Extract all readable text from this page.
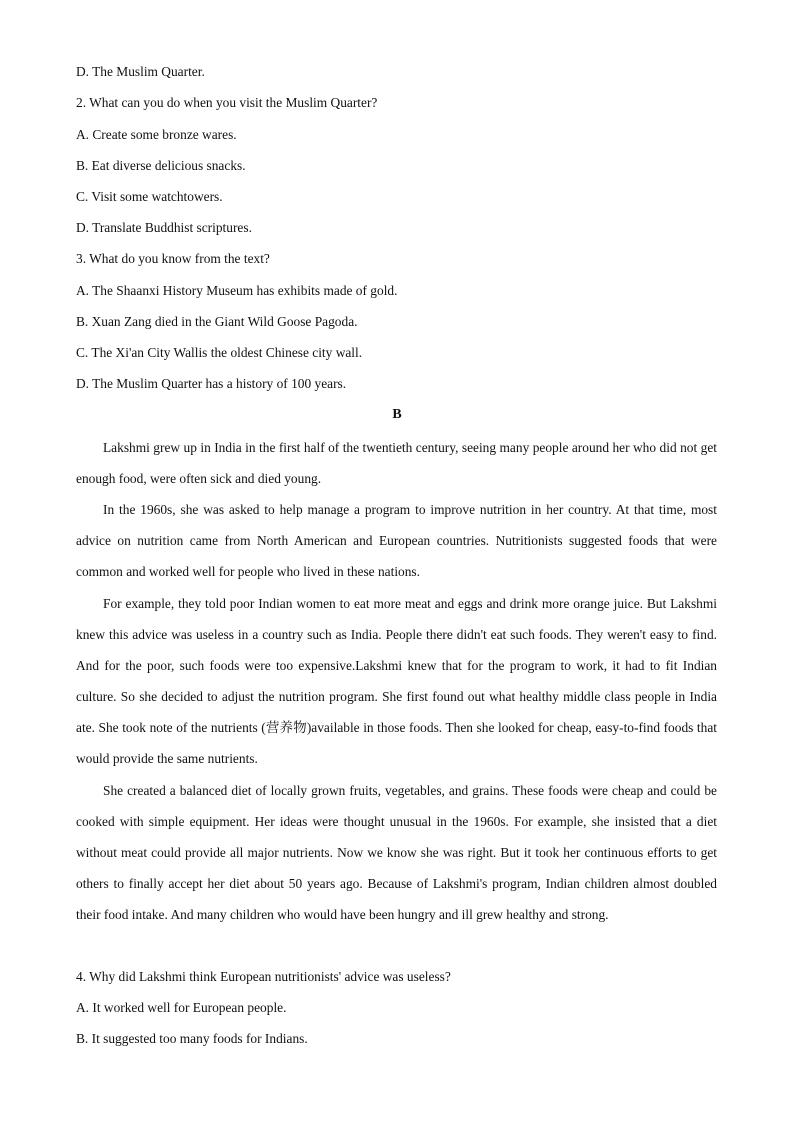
D. The Muslim Quarter.
2. What can you do when you visit the Muslim Quarter?
A. Create some bronze wares.
B. Eat diverse delicious snacks.
C. Visit some watchtowers.
D. Translate Buddhist scriptures.
3. What do you know from the text?
A. The Shaanxi History Museum has exhibits made of gold.
B. Xuan Zang died in the Giant Wild Goose Pagoda.
C. The Xi'an City Wallis the oldest Chinese city wall.
D. The Muslim Quarter has a history of 100 years.
B
Lakshmi grew up in India in the first half of the twentieth century, seeing many people around her who did not get enough food, were often sick and died young.
In the 1960s, she was asked to help manage a program to improve nutrition in her country. At that time, most advice on nutrition came from North American and European countries. Nutritionists suggested foods that were common and worked well for people who lived in these nations.
For example, they told poor Indian women to eat more meat and eggs and drink more orange juice. But Lakshmi knew this advice was useless in a country such as India. People there didn't eat such foods. They weren't easy to find. And for the poor, such foods were too expensive.Lakshmi knew that for the program to work, it had to fit Indian culture. So she decided to adjust the nutrition program. She first found out what healthy middle class people in India ate. She took note of the nutrients (营养物)available in those foods. Then she looked for cheap, easy-to-find foods that would provide the same nutrients.
She created a balanced diet of locally grown fruits, vegetables, and grains. These foods were cheap and could be cooked with simple equipment. Her ideas were thought unusual in the 1960s. For example, she insisted that a diet without meat could provide all major nutrients. Now we know she was right. But it took her continuous efforts to get others to finally accept her diet about 50 years ago. Because of Lakshmi's program, Indian children almost doubled their food intake. And many children who would have been hungry and ill grew healthy and strong.
4. Why did Lakshmi think European nutritionists' advice was useless?
A. It worked well for European people.
B. It suggested too many foods for Indians.
